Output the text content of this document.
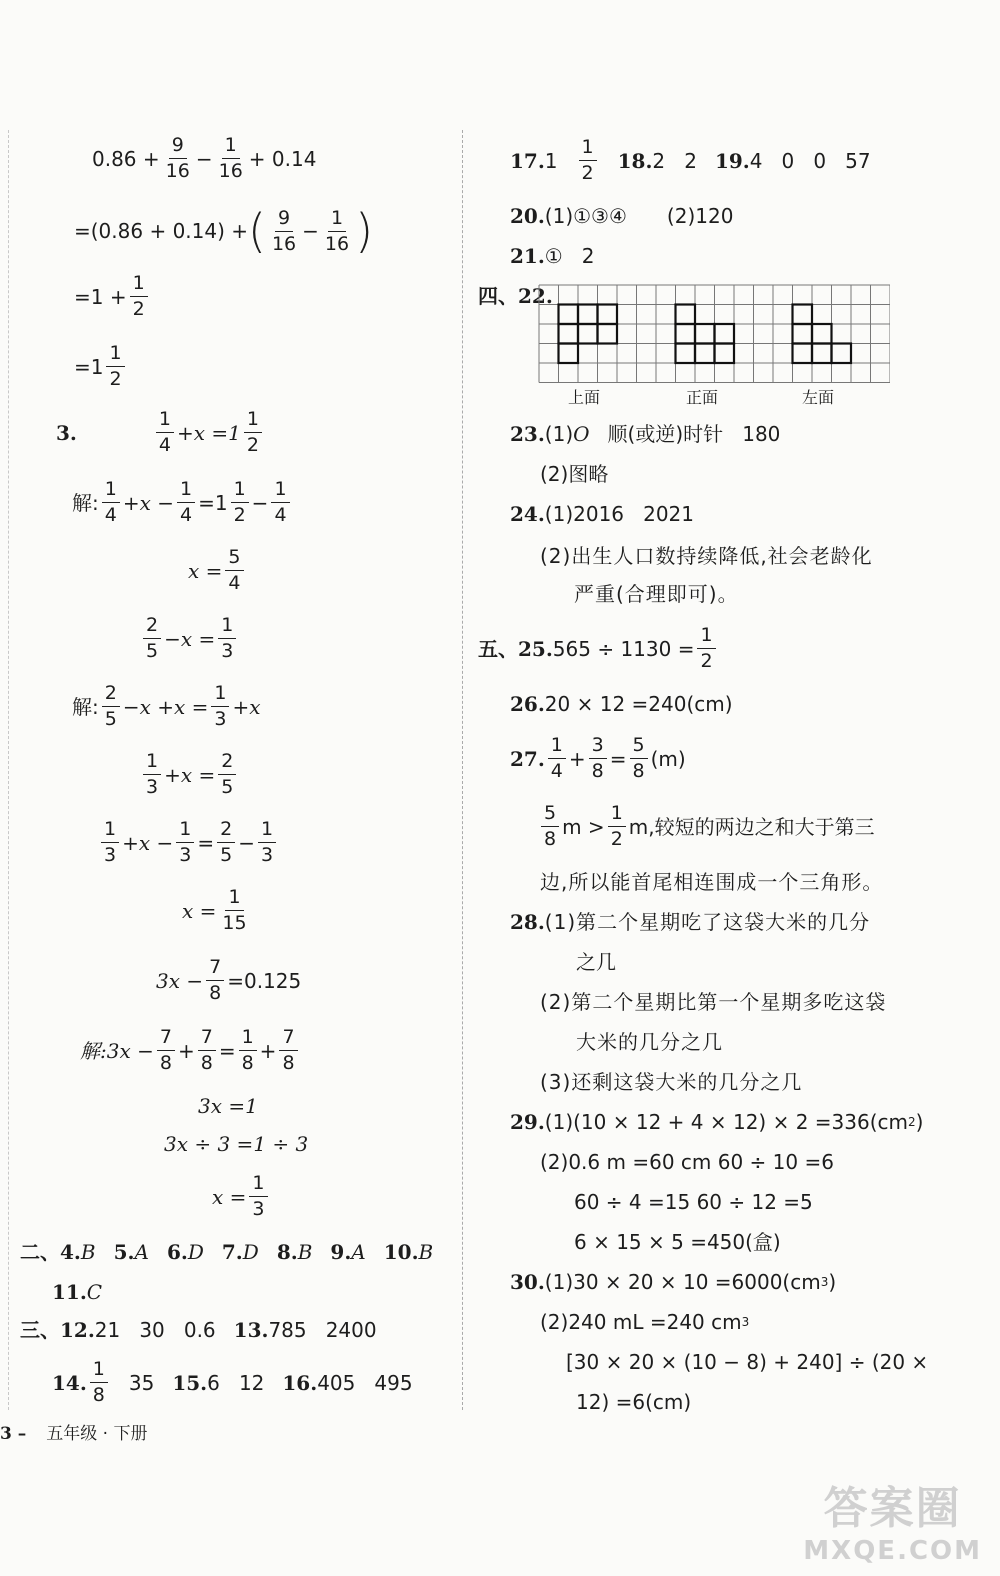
$0.86 + \frac{9}{16} - \frac{1}{16} + 0.14$
=(0.86 + 0.14) + ( $\frac{9}{16} - \frac{1}{16}$ )
$=1 + \frac{1}{2}$
$=1 \frac{1}{2}$
3.	$\frac{1}{4} +x =1 \frac{1}{2}$
解: $\frac{1}{4} +x - \frac{1}{4} =1 \frac{1}{2} - \frac{1}{4}$
$x = \frac{5}{4}$
$\frac{2}{5} -x = \frac{1}{3}$
解: $\frac{2}{5} -x +x = \frac{1}{3} +x$
$\frac{1}{3} +x = \frac{2}{5}$
$\frac{1}{3} +x - \frac{1}{3} = \frac{2}{5} - \frac{1}{3}$
$x = \frac{1}{15}$
$3x - \frac{7}{8} =0.125$
解:3x − $\frac{7}{8} + \frac{7}{8} = \frac{1}{8} + \frac{7}{8}$
3x =1
3x ÷ 3 =1 ÷ 3
$x = \frac{1}{3}$
二、 4. B 5. A 6. D 7. D 8. B 9. A 10. B
11. C
三、 12. 21   30   0.6 13. 785   2400
14. $\frac{1}{8} 35$ 15. 6   12 16. 405   495
17. $1 \frac{1}{2} 18$. 2   2 19. 4   0   0   57
20. (1)①③④ (2)120
21. ①   2
四、 22.
上面	正面	左面
23. (1) O 顺(或逆)时针   180
(2)图略
24. (1)2016   2021
(2)出生人口数持续降低,社会老龄化
严重(合理即可)。
五、 25. $565 \div 1130 = \frac{1}{2}$
26. 20 × 12 =240(cm)
27. $\frac{1}{4} + \frac{3}{8} = \frac{5}{8} (m)$
$\frac{5}{8}$ $m > \frac{1}{2} m$,较短的两边之和大于第三
边,所以能首尾相连围成一个三角形。
28. (1)第二个星期吃了这袋大米的几分
之几
(2)第二个星期比第一个星期多吃这袋
大米的几分之几
(3)还剩这袋大米的几分之几
29. (1)(10 × 12 + 4 × 12) × 2 =336(cm 2 )
(2)0.6 m =60 cm 60 ÷ 10 =6
60 ÷ 4 =15 60 ÷ 12 =5
6 × 15 × 5 =450(盒)
30. (1)30 × 20 × 10 =6000(cm 3 )
(2)240 mL =240 cm 3
[30 × 20 × (10 − 8) + 240] ÷ (20 ×
12) =6(cm)
3 – 五年级 · 下册
答案圈
MXQE.COM
